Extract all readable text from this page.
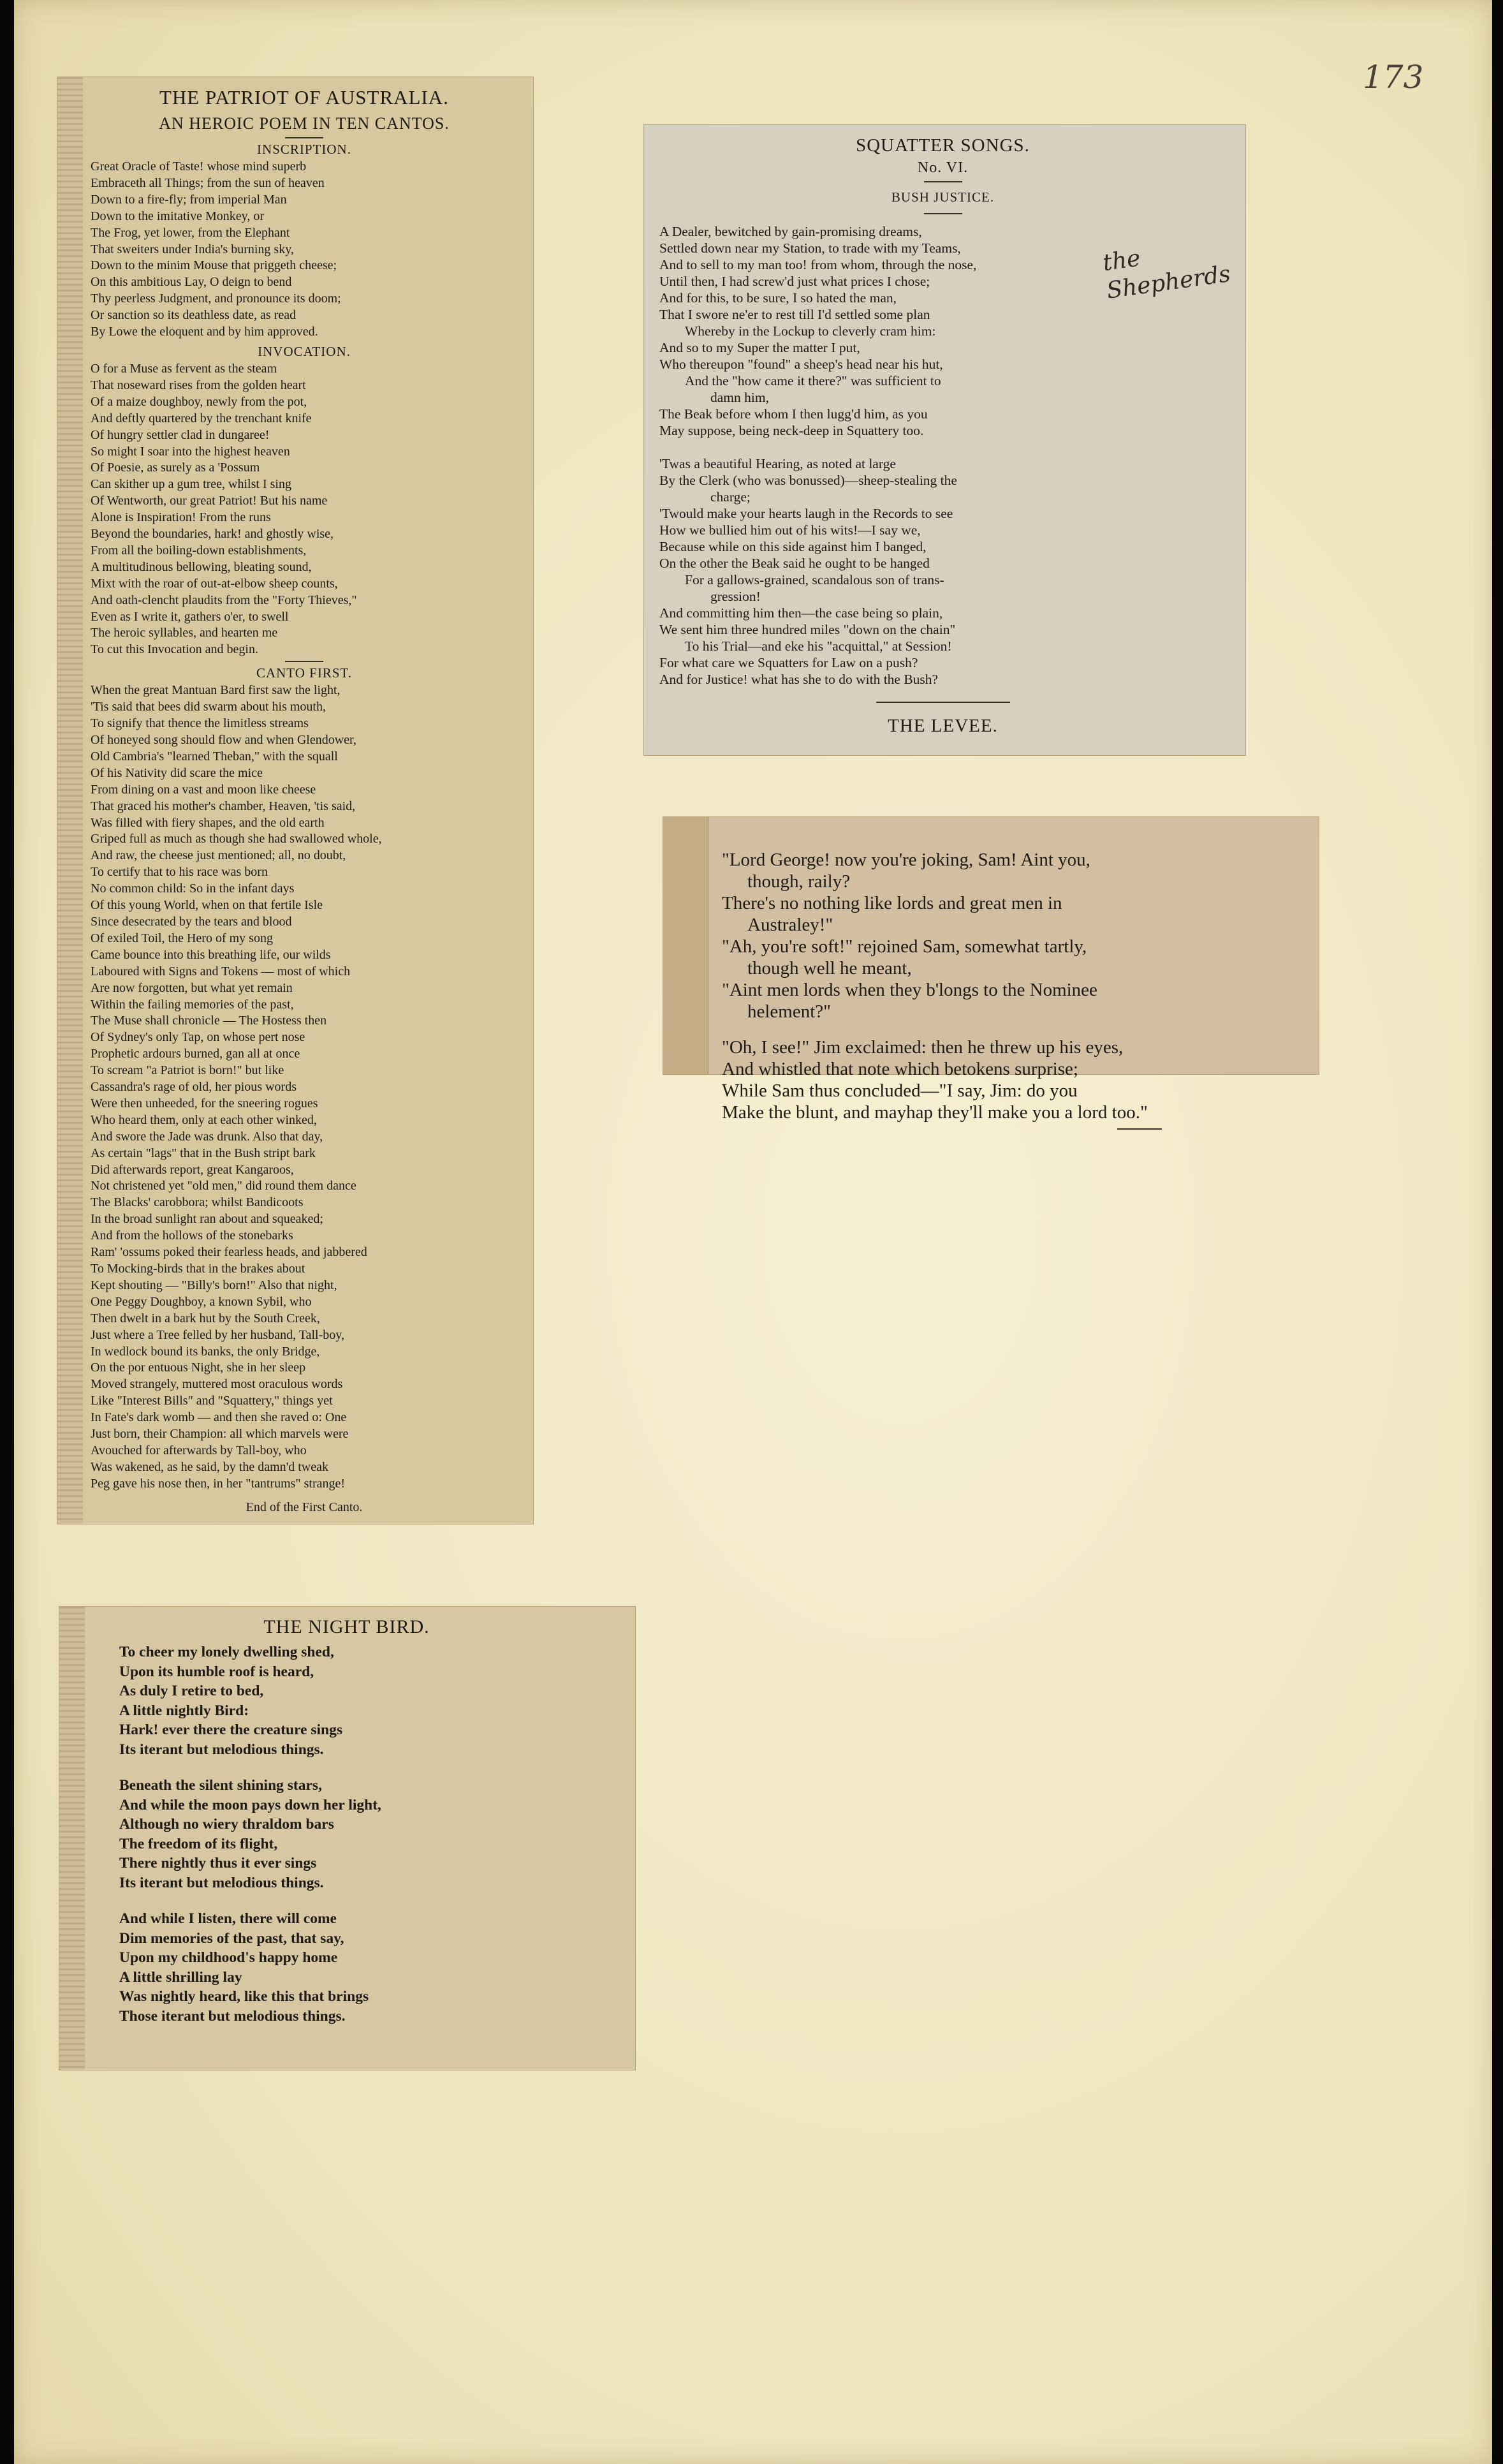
173
THE PATRIOT OF AUSTRALIA.
AN HEROIC POEM IN TEN CANTOS.
INSCRIPTION.
Great Oracle of Taste! whose mind superb
Embraceth all Things; from the sun of heaven
Down to a fire-fly; from imperial Man
Down to the imitative Monkey, or
The Frog, yet lower, from the Elephant
That sweiters under India's burning sky,
Down to the minim Mouse that priggeth cheese;
On this ambitious Lay, O deign to bend
Thy peerless Judgment, and pronounce its doom;
Or sanction so its deathless date, as read
By Lowe the eloquent and by him approved.
INVOCATION.
O for a Muse as fervent as the steam
That noseward rises from the golden heart
Of a maize doughboy, newly from the pot,
And deftly quartered by the trenchant knife
Of hungry settler clad in dungaree!
So might I soar into the highest heaven
Of Poesie, as surely as a 'Possum
Can skither up a gum tree, whilst I sing
Of Wentworth, our great Patriot! But his name
Alone is Inspiration! From the runs
Beyond the boundaries, hark! and ghostly wise,
From all the boiling-down establishments,
A multitudinous bellowing, bleating sound,
Mixt with the roar of out-at-elbow sheep counts,
And oath-clencht plaudits from the "Forty Thieves,"
Even as I write it, gathers o'er, to swell
The heroic syllables, and hearten me
To cut this Invocation and begin.
CANTO FIRST.
When the great Mantuan Bard first saw the light,
'Tis said that bees did swarm about his mouth,
To signify that thence the limitless streams
Of honeyed song should flow and when Glendower,
Old Cambria's "learned Theban," with the squall
Of his Nativity did scare the mice
From dining on a vast and moon like cheese
That graced his mother's chamber, Heaven, 'tis said,
Was filled with fiery shapes, and the old earth
Griped full as much as though she had swallowed whole,
And raw, the cheese just mentioned; all, no doubt,
To certify that to his race was born
No common child: So in the infant days
Of this young World, when on that fertile Isle
Since desecrated by the tears and blood
Of exiled Toil, the Hero of my song
Came bounce into this breathing life, our wilds
Laboured with Signs and Tokens — most of which
Are now forgotten, but what yet remain
Within the failing memories of the past,
The Muse shall chronicle — The Hostess then
Of Sydney's only Tap, on whose pert nose
Prophetic ardours burned, gan all at once
To scream "a Patriot is born!" but like
Cassandra's rage of old, her pious words
Were then unheeded, for the sneering rogues
Who heard them, only at each other winked,
And swore the Jade was drunk. Also that day,
As certain "lags" that in the Bush stript bark
Did afterwards report, great Kangaroos,
Not christened yet "old men," did round them dance
The Blacks' carobbora; whilst Bandicoots
In the broad sunlight ran about and squeaked;
And from the hollows of the stonebarks
Ram' 'ossums poked their fearless heads, and jabbered
To Mocking-birds that in the brakes about
Kept shouting — "Billy's born!" Also that night,
One Peggy Doughboy, a known Sybil, who
Then dwelt in a bark hut by the South Creek,
Just where a Tree felled by her husband, Tall-boy,
In wedlock bound its banks, the only Bridge,
On the por entuous Night, she in her sleep
Moved strangely, muttered most oraculous words
Like "Interest Bills" and "Squattery," things yet
In Fate's dark womb — and then she raved o: One
Just born, their Champion: all which marvels were
Avouched for afterwards by Tall-boy, who
Was wakened, as he said, by the damn'd tweak
Peg gave his nose then, in her "tantrums" strange!
End of the First Canto.
SQUATTER SONGS.
No. VI.
BUSH JUSTICE.
A Dealer, bewitched by gain-promising dreams,
Settled down near my Station, to trade with my Teams,
And to sell to my man too! from whom, through the nose,
Until then, I had screw'd just what prices I chose;
And for this, to be sure, I so hated the man,
That I swore ne'er to rest till I'd settled some plan
Whereby in the Lockup to cleverly cram him:
And so to my Super the matter I put,
Who thereupon "found" a sheep's head near his hut,
And the "how came it there?" was sufficient to
damn him,
The Beak before whom I then lugg'd him, as you
May suppose, being neck-deep in Squattery too.
'Twas a beautiful Hearing, as noted at large
By the Clerk (who was bonussed)—sheep-stealing the
charge;
'Twould make your hearts laugh in the Records to see
How we bullied him out of his wits!—I say we,
Because while on this side against him I banged,
On the other the Beak said he ought to be hanged
For a gallows-grained, scandalous son of trans-
gression!
And committing him then—the case being so plain,
We sent him three hundred miles "down on the chain"
To his Trial—and eke his "acquittal," at Session!
For what care we Squatters for Law on a push?
And for Justice! what has she to do with the Bush?
THE LEVEE.
the Shepherds
"Lord George! now you're joking, Sam! Aint you,
though, raily?
There's no nothing like lords and great men in
Australey!"
"Ah, you're soft!" rejoined Sam, somewhat tartly,
though well he meant,
"Aint men lords when they b'longs to the Nominee
helement?"
"Oh, I see!" Jim exclaimed: then he threw up his eyes,
And whistled that note which betokens surprise;
While Sam thus concluded—"I say, Jim: do you
Make the blunt, and mayhap they'll make you a lord too."
THE NIGHT BIRD.
To cheer my lonely dwelling shed,
Upon its humble roof is heard,
As duly I retire to bed,
A little nightly Bird:
Hark! ever there the creature sings
Its iterant but melodious things.
Beneath the silent shining stars,
And while the moon pays down her light,
Although no wiery thraldom bars
The freedom of its flight,
There nightly thus it ever sings
Its iterant but melodious things.
And while I listen, there will come
Dim memories of the past, that say,
Upon my childhood's happy home
A little shrilling lay
Was nightly heard, like this that brings
Those iterant but melodious things.
